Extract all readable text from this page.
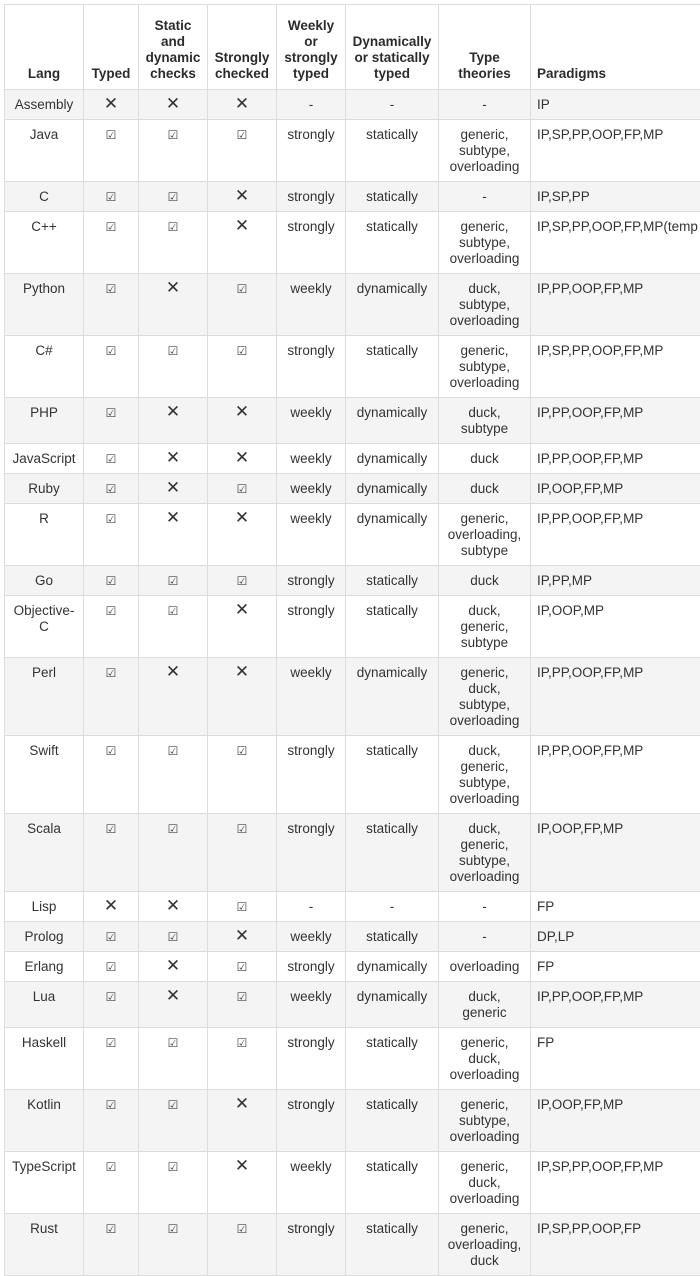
Lang	Typed	Static
and
dynamic
checks	Strongly
checked	Weekly
or
strongly
typed	Dynamically
or statically
typed	Type
theories	Paradigms
Assembly	✕	✕	✕	-	-	-	IP
Java	☑	☑	☑	strongly	statically	generic,
subtype,
overloading	IP,SP,PP,OOP,FP,MP
C	☑	☑	✕	strongly	statically	-	IP,SP,PP
C++	☑	☑	✕	strongly	statically	generic,
subtype,
overloading	IP,SP,PP,OOP,FP,MP(temp
Python	☑	✕	☑	weekly	dynamically	duck,
subtype,
overloading	IP,PP,OOP,FP,MP
C#	☑	☑	☑	strongly	statically	generic,
subtype,
overloading	IP,SP,PP,OOP,FP,MP
PHP	☑	✕	✕	weekly	dynamically	duck,
subtype	IP,PP,OOP,FP,MP
JavaScript	☑	✕	✕	weekly	dynamically	duck	IP,PP,OOP,FP,MP
Ruby	☑	✕	☑	weekly	dynamically	duck	IP,OOP,FP,MP
R	☑	✕	✕	weekly	dynamically	generic,
overloading,
subtype	IP,PP,OOP,FP,MP
Go	☑	☑	☑	strongly	statically	duck	IP,PP,MP
Objective-
C	☑	☑	✕	strongly	statically	duck,
generic,
subtype	IP,OOP,MP
Perl	☑	✕	✕	weekly	dynamically	generic,
duck,
subtype,
overloading	IP,PP,OOP,FP,MP
Swift	☑	☑	☑	strongly	statically	duck,
generic,
subtype,
overloading	IP,PP,OOP,FP,MP
Scala	☑	☑	☑	strongly	statically	duck,
generic,
subtype,
overloading	IP,OOP,FP,MP
Lisp	✕	✕	☑	-	-	-	FP
Prolog	☑	☑	✕	weekly	statically	-	DP,LP
Erlang	☑	✕	☑	strongly	dynamically	overloading	FP
Lua	☑	✕	☑	weekly	dynamically	duck,
generic	IP,PP,OOP,FP,MP
Haskell	☑	☑	☑	strongly	statically	generic,
duck,
overloading	FP
Kotlin	☑	☑	✕	strongly	statically	generic,
subtype,
overloading	IP,OOP,FP,MP
TypeScript	☑	☑	✕	weekly	statically	generic,
duck,
overloading	IP,SP,PP,OOP,FP,MP
Rust	☑	☑	☑	strongly	statically	generic,
overloading,
duck	IP,SP,PP,OOP,FP
